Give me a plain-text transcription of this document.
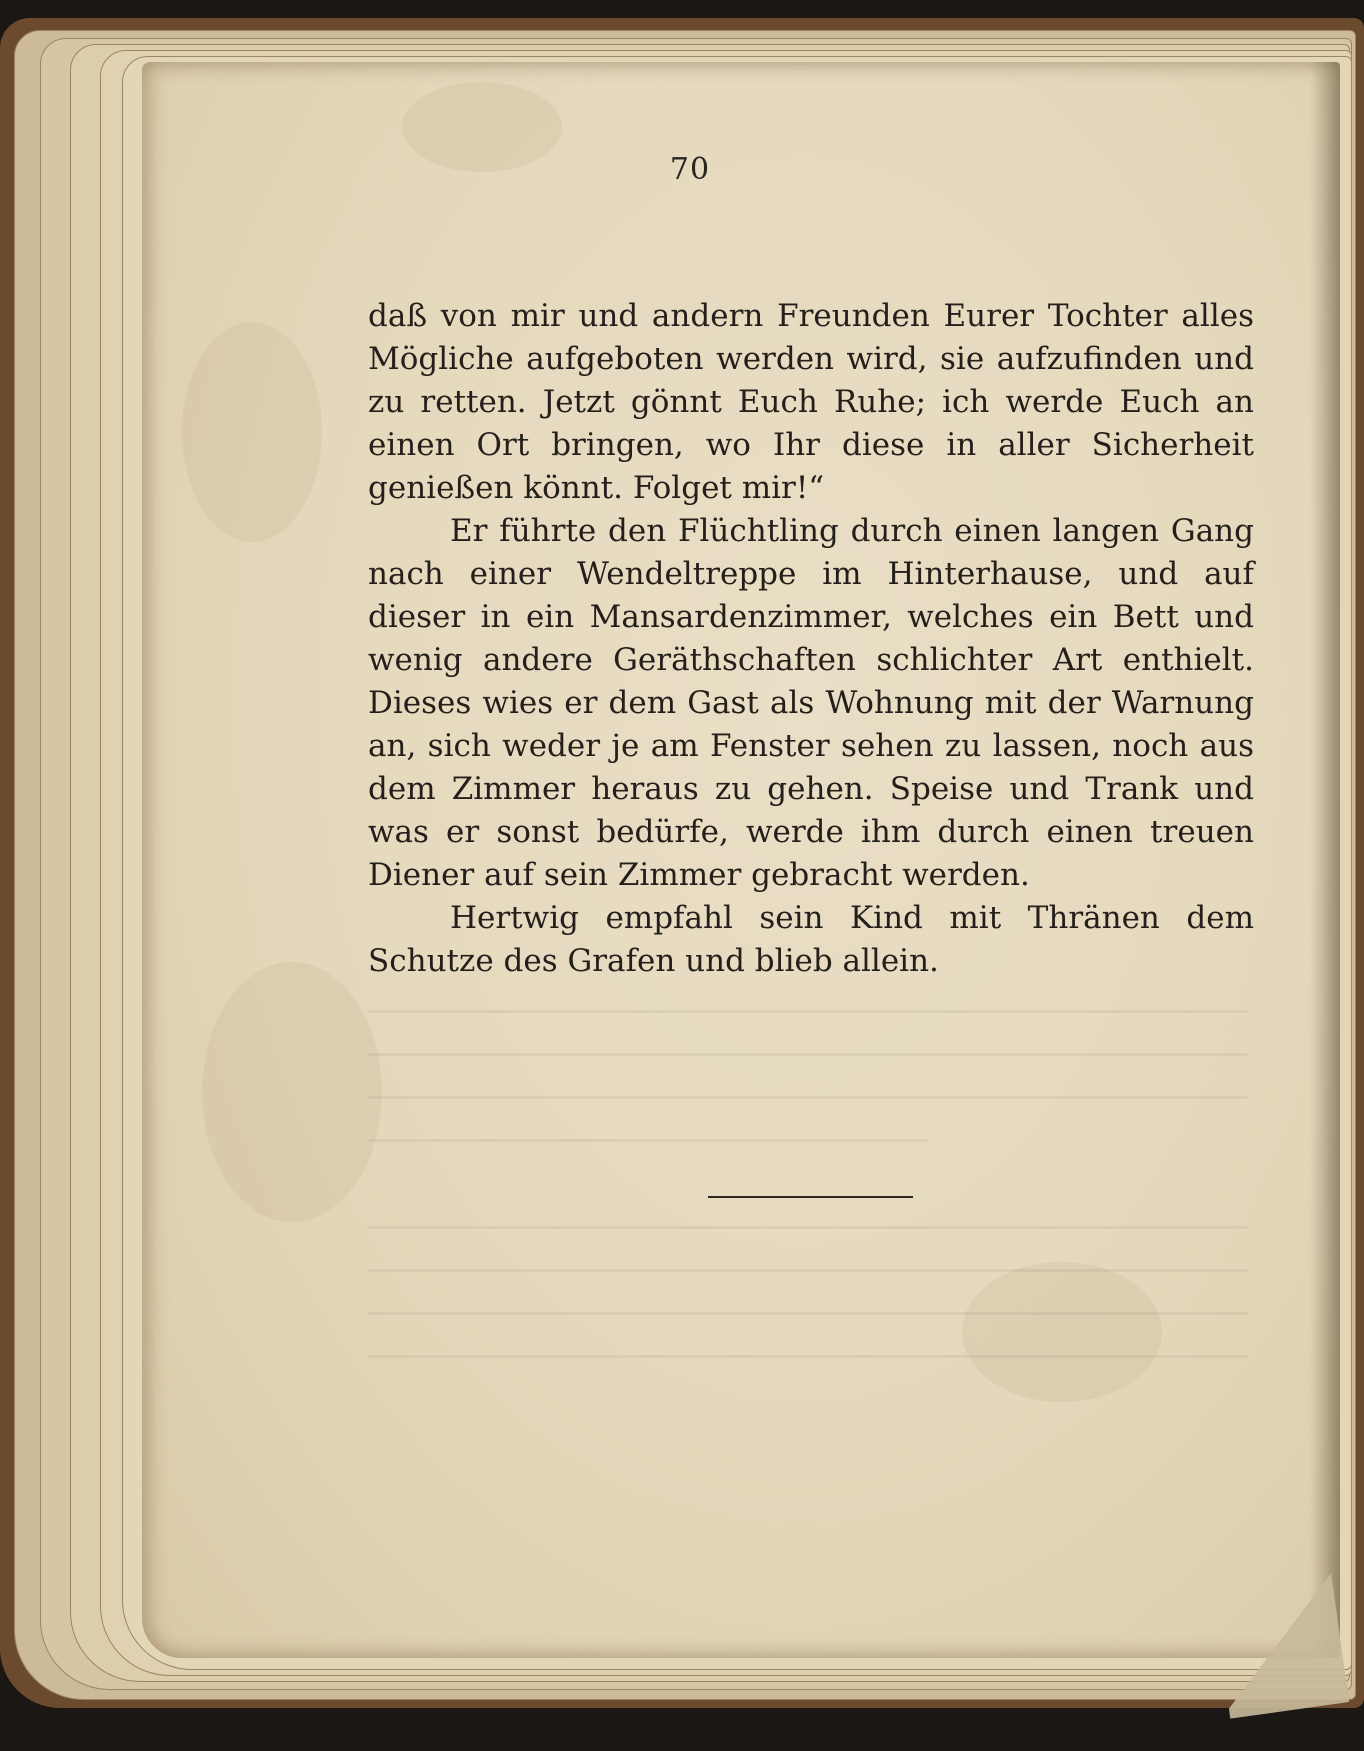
70

daß von mir und andern Freunden Eurer Tochter alles Mögliche aufgeboten werden wird, sie aufzufinden und zu retten. Jetzt gönnt Euch Ruhe; ich werde Euch an einen Ort bringen, wo Ihr diese in aller Sicherheit genießen könnt. Folget mir!“

Er führte den Flüchtling durch einen langen Gang nach einer Wendeltreppe im Hinterhause, und auf dieser in ein Mansardenzimmer, welches ein Bett und wenig andere Geräthschaften schlichter Art enthielt. Dieses wies er dem Gast als Wohnung mit der Warnung an, sich weder je am Fenster sehen zu lassen, noch aus dem Zimmer heraus zu gehen. Speise und Trank und was er sonst bedürfe, werde ihm durch einen treuen Diener auf sein Zimmer gebracht werden.

Hertwig empfahl sein Kind mit Thränen dem Schutze des Grafen und blieb allein.
